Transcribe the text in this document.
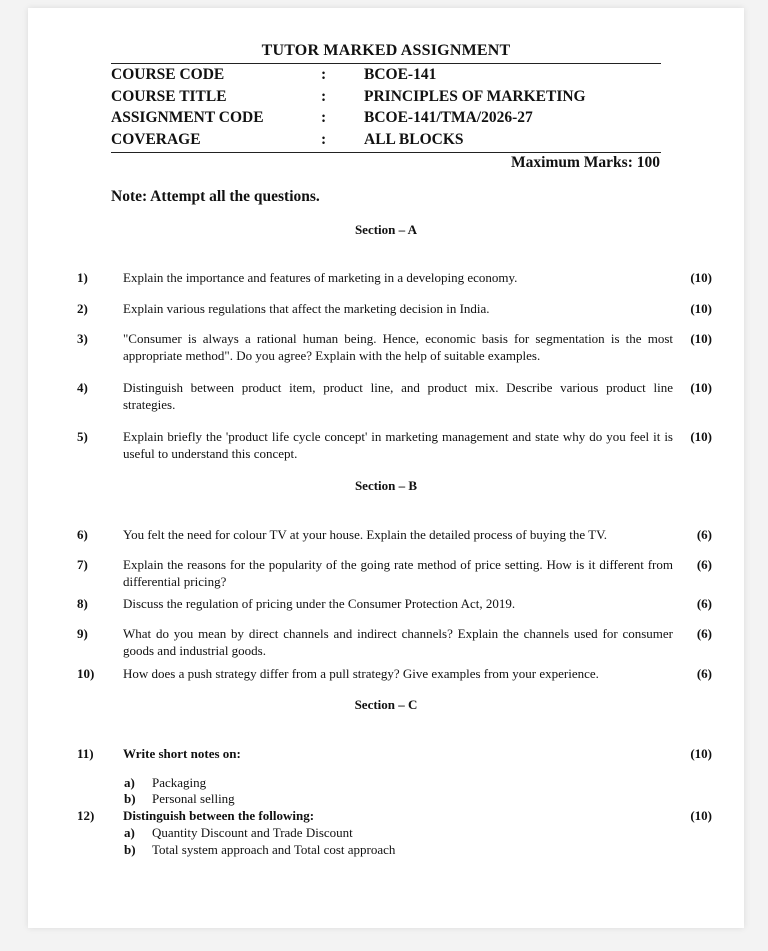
TUTOR MARKED ASSIGNMENT
COURSE CODE	: BCOE-141
COURSE TITLE	: PRINCIPLES OF MARKETING
ASSIGNMENT CODE	: BCOE-141/TMA/2026-27
COVERAGE	: ALL BLOCKS
Maximum Marks: 100
Note: Attempt all the questions.
Section – A
1)	Explain the importance and features of marketing in a developing economy.	(10)
2)	Explain various regulations that affect the marketing decision in India.	(10)
3)	"Consumer is always a rational human being. Hence, economic basis for segmentation is the most appropriate method". Do you agree? Explain with the help of suitable examples.
(10)
4)	Distinguish between product item, product line, and product mix. Describe various product line strategies.
(10)
5)	Explain briefly the 'product life cycle concept' in marketing management and state why do you feel it is useful to understand this concept.
(10)
Section – B
6)	You felt the need for colour TV at your house. Explain the detailed process of buying the TV.	(6)
7)	Explain the reasons for the popularity of the going rate method of price setting. How is it different from differential pricing?
(6)
8)	Discuss the regulation of pricing under the Consumer Protection Act, 2019.	(6)
9)	What do you mean by direct channels and indirect channels? Explain the channels used for consumer goods and industrial goods.
(6)
10) How does a push strategy differ from a pull strategy? Give examples from your experience.	(6)
Section – C
11) Write short notes on:	(10)
a) Packaging
b) Personal selling
12) Distinguish between the following:	(10)
a) Quantity Discount and Trade Discount
b) Total system approach and Total cost approach
